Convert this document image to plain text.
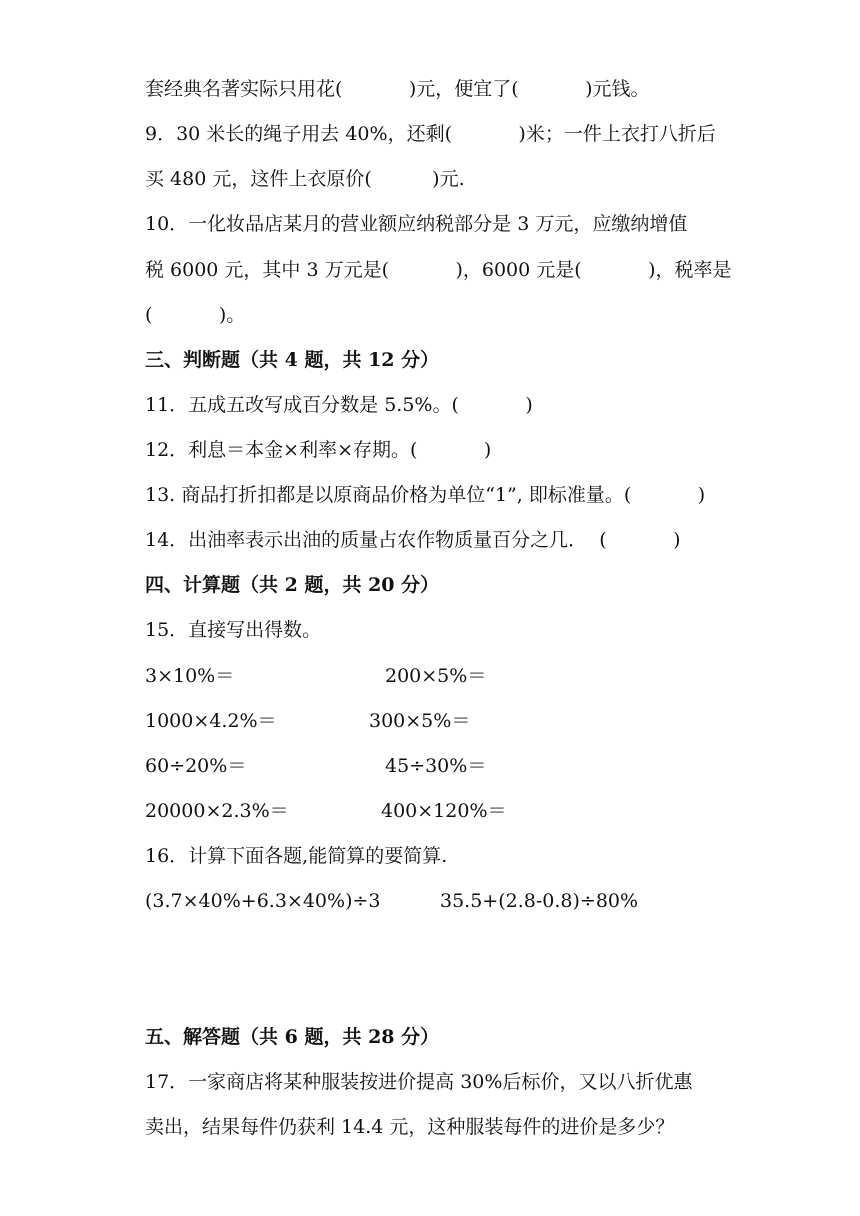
套经典名著实际只用花(           )元，便宜了(           )元钱。
9．30 米长的绳子用去 40%，还剩(           )米；一件上衣打八折后
买 480 元，这件上衣原价(          )元.
10．一化妆品店某月的营业额应纳税部分是 3 万元，应缴纳增值
税 6000 元，其中 3 万元是(           )，6000 元是(           )，税率是
(           )。
三、判断题（共 4 题，共 12 分）
11．五成五改写成百分数是 5.5%。(           )
12．利息＝本金×利率×存期。(           )
13. 商品打折扣都是以原商品价格为单位“1”, 即标准量。(           )
14．出油率表示出油的质量占农作物质量百分之几．  (           )
四、计算题（共 2 题，共 20 分）
15．直接写出得数。
3×10%＝	200×5%＝
1000×4.2%＝	300×5%＝
60÷20%＝	45÷30%＝
20000×2.3%＝	400×120%＝
16．计算下面各题,能简算的要简算.
(3.7×40%+6.3×40%)÷3	35.5+(2.8-0.8)÷80%
五、解答题（共 6 题，共 28 分）
17．一家商店将某种服装按进价提高 30%后标价，又以八折优惠
卖出，结果每件仍获利 14.4 元，这种服装每件的进价是多少？
